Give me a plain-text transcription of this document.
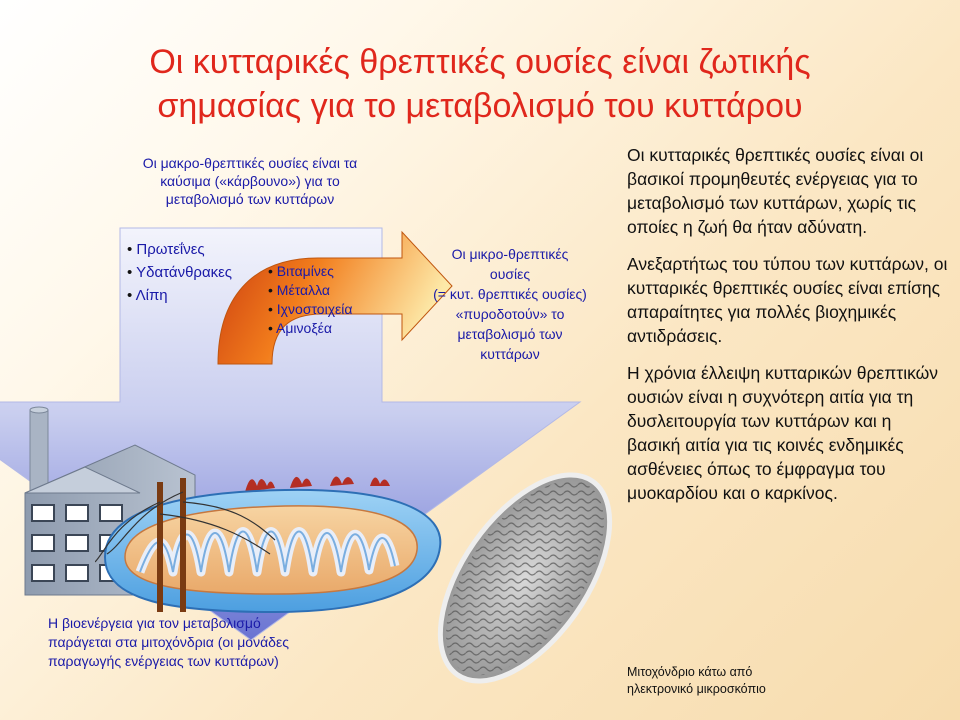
Οι κυτταρικές θρεπτικές ουσίες είναι ζωτικής
σημασίας για το μεταβολισμό του κυττάρου
Οι μακρο-θρεπτικές ουσίες είναι τα
καύσιμα («κάρβουνο») για το
μεταβολισμό των κυττάρων
• Πρωτεΐνες
• Υδατάνθρακες
• Λίπη
• Βιταμίνες
• Μέταλλα
• Ιχνοστοιχεία
• Αμινοξέα
Οι μικρο-θρεπτικές
ουσίες
(= κυτ. θρεπτικές ουσίες)
«πυροδοτούν» το
μεταβολισμό των
κυττάρων
Η βιοενέργεια για τον μεταβολισμό
παράγεται στα μιτοχόνδρια (οι μονάδες
παραγωγής ενέργειας των κυττάρων)

Οι κυτταρικές θρεπτικές ουσίες είναι οι βασικοί προμηθευτές ενέργειας για το μεταβολισμό των κυττάρων, χωρίς τις οποίες η ζωή θα ήταν αδύνατη.

Ανεξαρτήτως του τύπου των κυττάρων, οι κυτταρικές θρεπτικές ουσίες είναι επίσης απαραίτητες για πολλές βιοχημικές αντιδράσεις.

Η χρόνια έλλειψη κυτταρικών θρεπτικών ουσιών είναι η συχνότερη αιτία για τη δυσλειτουργία των κυττάρων και η βασική αιτία για τις κοινές ενδημικές ασθένειες όπως το έμφραγμα του μυοκαρδίου και ο καρκίνος.

Μιτοχόνδριο κάτω από
ηλεκτρονικό μικροσκόπιο
